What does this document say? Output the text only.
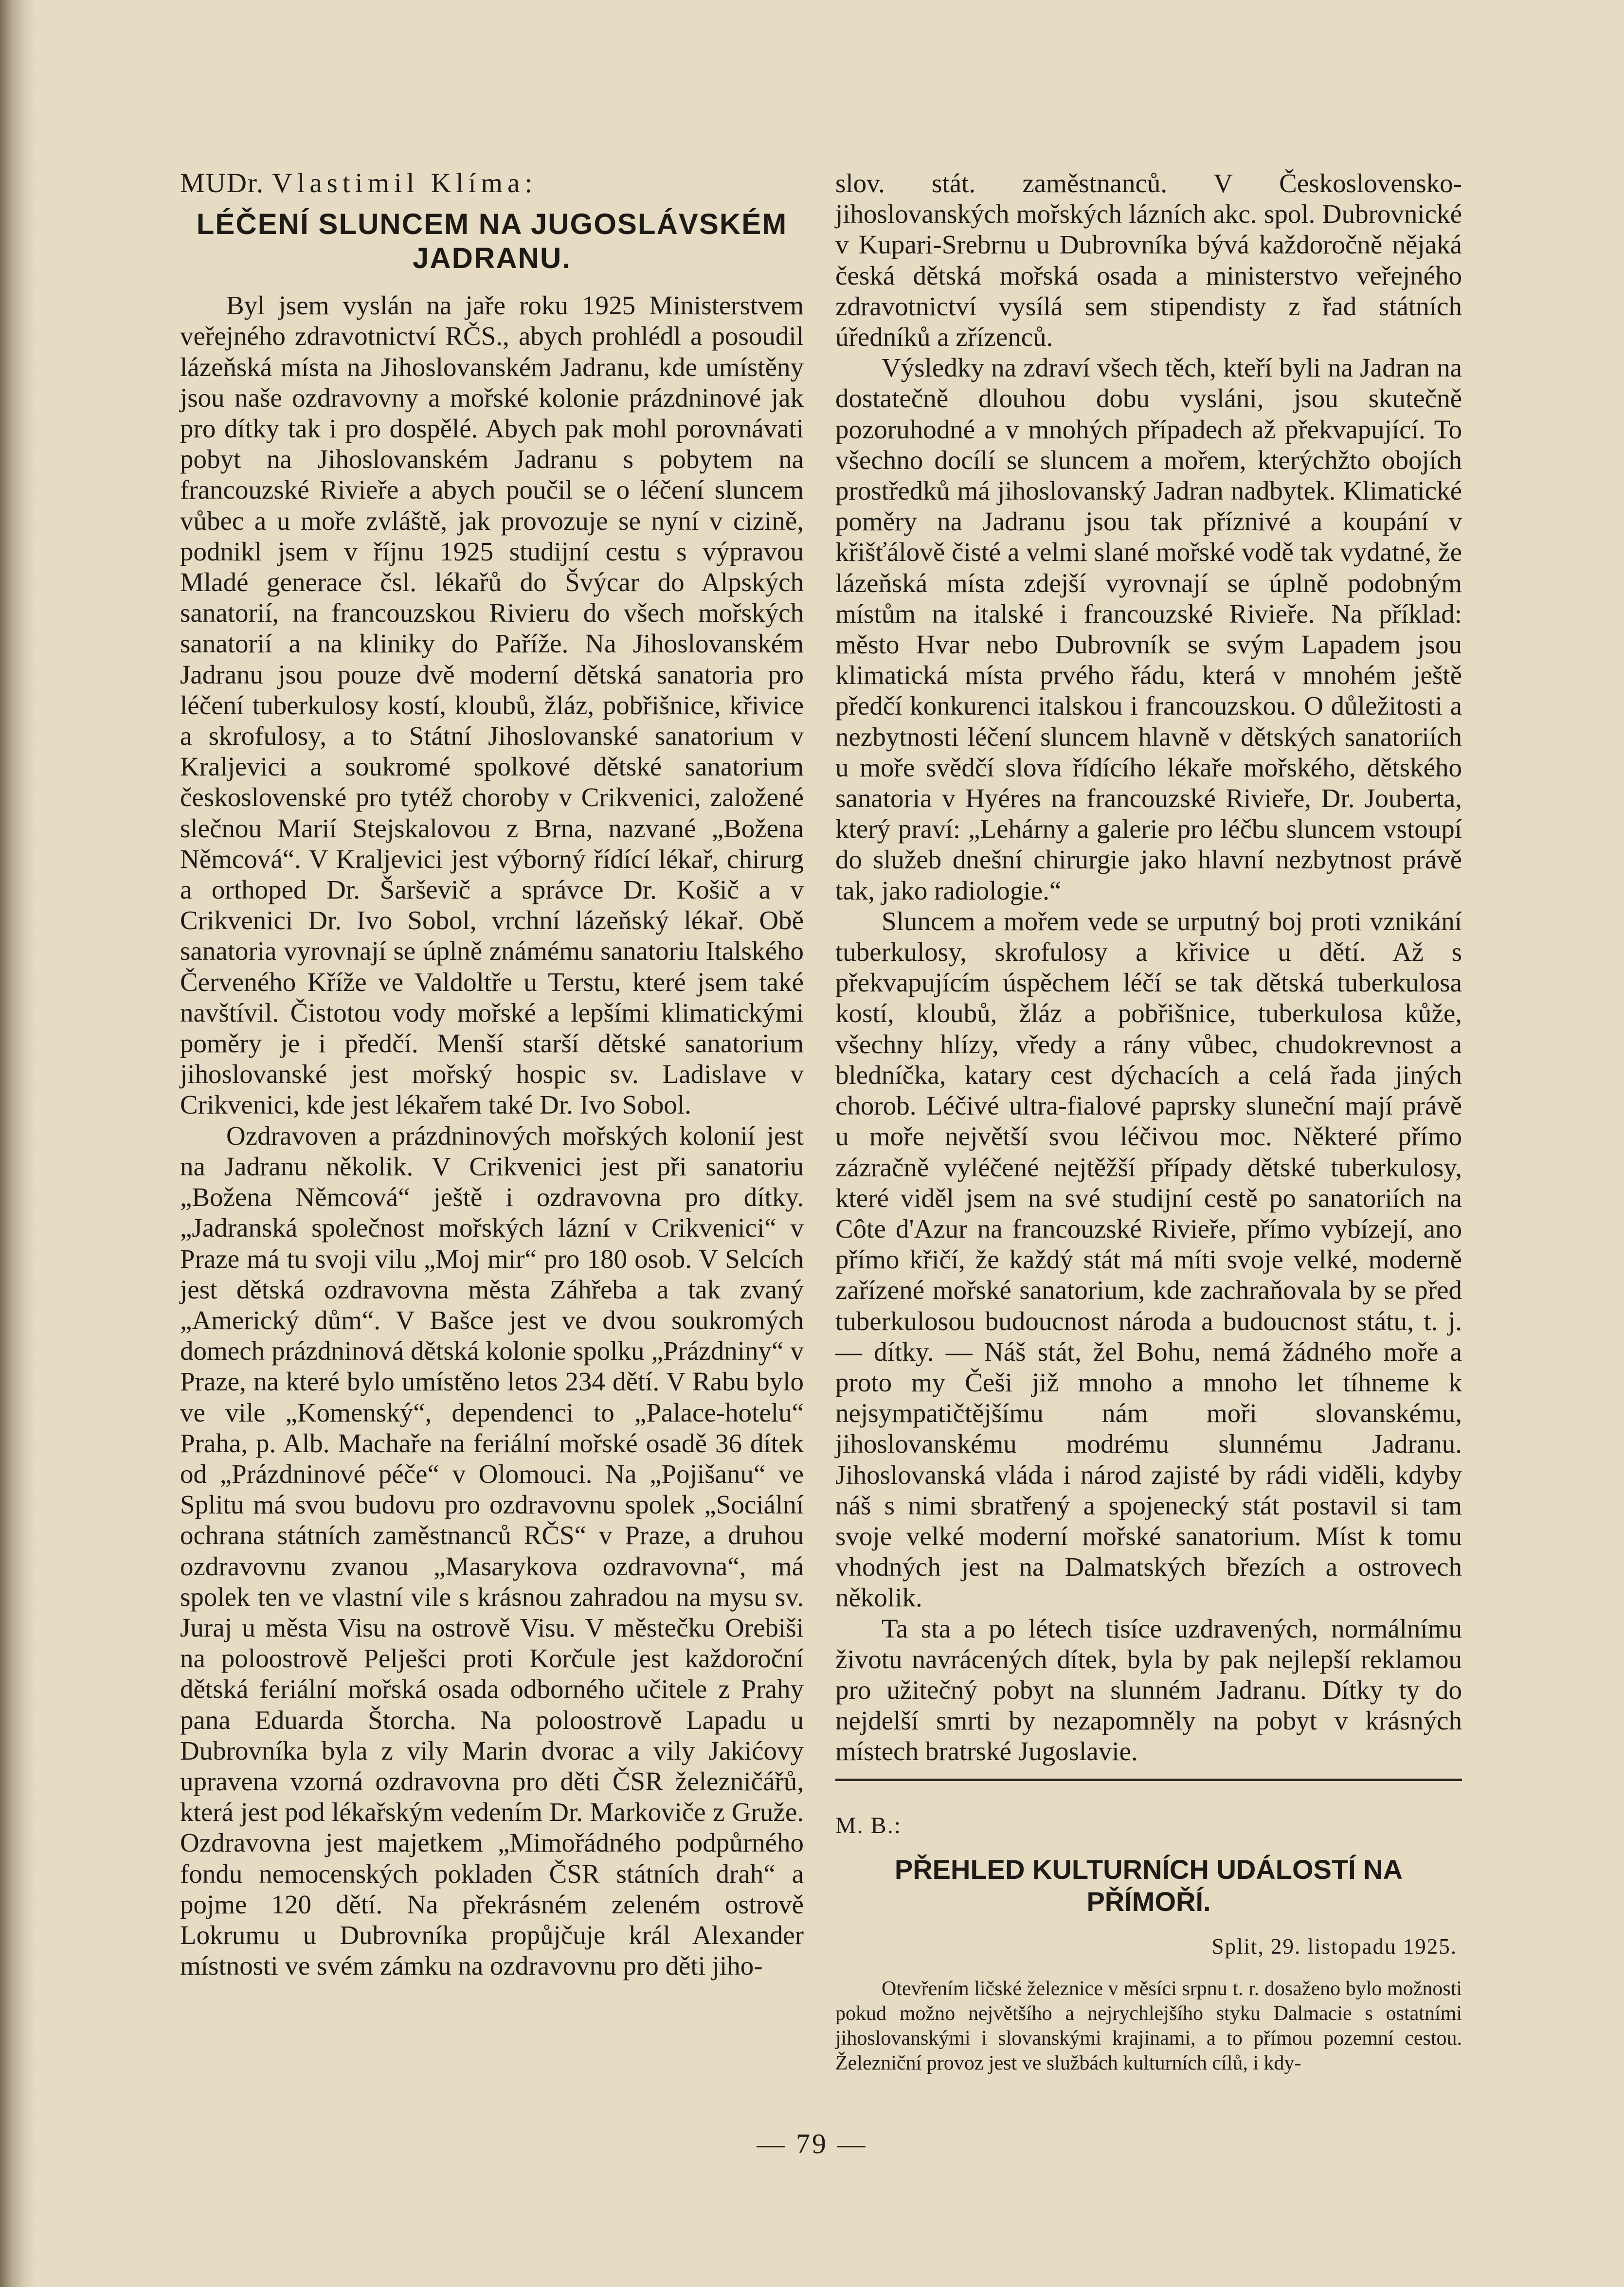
MUDr. Vlastimil Klíma:
LÉČENÍ SLUNCEM NA JUGOSLÁVSKÉM JADRANU.

Byl jsem vyslán na jaře roku 1925 Ministerstvem veřejného zdravotnictví RČS., abych prohlédl a posoudil lázeňská místa na Jihoslovanském Jadranu, kde umístěny jsou naše ozdravovny a mořské kolonie prázdninové jak pro dítky tak i pro dospělé. Abych pak mohl porovnávati pobyt na Jihoslovanském Jadranu s pobytem na francouzské Rivieře a abych poučil se o léčení sluncem vůbec a u moře zvláště, jak provozuje se nyní v cizině, podnikl jsem v říjnu 1925 studijní cestu s výpravou Mladé generace čsl. lékařů do Švýcar do Alpských sanatorií, na francouzskou Rivieru do všech mořských sanatorií a na kliniky do Paříže. Na Jihoslovanském Jadranu jsou pouze dvě moderní dětská sanatoria pro léčení tuberkulosy kostí, kloubů, žláz, pobřišnice, křivice a skrofulosy, a to Státní Jihoslovanské sanatorium v Kraljevici a soukromé spolkové dětské sanatorium československé pro tytéž choroby v Crikvenici, založené slečnou Marií Stejskalovou z Brna, nazvané „Božena Němcová“. V Kraljevici jest výborný řídící lékař, chirurg a orthoped Dr. Šarševič a správce Dr. Košič a v Crikvenici Dr. Ivo Sobol, vrchní lázeňský lékař. Obě sanatoria vyrovnají se úplně známému sanatoriu Italského Červeného Kříže ve Valdoltře u Terstu, které jsem také navštívil. Čistotou vody mořské a lepšími klimatickými poměry je i předčí. Menší starší dětské sanatorium jihoslovanské jest mořský hospic sv. Ladislave v Crikvenici, kde jest lékařem také Dr. Ivo Sobol.

Ozdravoven a prázdninových mořských kolonií jest na Jadranu několik. V Crikvenici jest při sanatoriu „Božena Němcová“ ještě i ozdravovna pro dítky. „Jadranská společnost mořských lázní v Crikvenici“ v Praze má tu svoji vilu „Moj mir“ pro 180 osob. V Selcích jest dětská ozdravovna města Záhřeba a tak zvaný „Americký dům“. V Bašce jest ve dvou soukromých domech prázdninová dětská kolonie spolku „Prázdniny“ v Praze, na které bylo umístěno letos 234 dětí. V Rabu bylo ve vile „Komenský“, dependenci to „Palace-hotelu“ Praha, p. Alb. Machaře na feriální mořské osadě 36 dítek od „Prázdninové péče“ v Olomouci. Na „Pojišanu“ ve Splitu má svou budovu pro ozdravovnu spolek „Sociální ochrana státních zaměstnanců RČS“ v Praze, a druhou ozdravovnu zvanou „Masarykova ozdravovna“, má spolek ten ve vlastní vile s krásnou zahradou na mysu sv. Juraj u města Visu na ostrově Visu. V městečku Orebiši na poloostrově Pelješci proti Korčule jest každoroční dětská feriální mořská osada odborného učitele z Prahy pana Eduarda Štorcha. Na poloostrově Lapadu u Dubrovníka byla z vily Marin dvorac a vily Jakićovy upravena vzorná ozdravovna pro děti ČSR železničářů, která jest pod lékařským vedením Dr. Markoviče z Gruže. Ozdravovna jest majetkem „Mimořádného podpůrného fondu nemocenských pokladen ČSR státních drah“ a pojme 120 dětí. Na překrásném zeleném ostrově Lokrumu u Dubrovníka propůjčuje král Alexander místnosti ve svém zámku na ozdravovnu pro děti jiho-

slov. stát. zaměstnanců. V Československo-jihoslovanských mořských lázních akc. spol. Dubrovnické v Kupari-Srebrnu u Dubrovníka bývá každoročně nějaká česká dětská mořská osada a ministerstvo veřejného zdravotnictví vysílá sem stipendisty z řad státních úředníků a zřízenců.

Výsledky na zdraví všech těch, kteří byli na Jadran na dostatečně dlouhou dobu vysláni, jsou skutečně pozoruhodné a v mnohých případech až překvapující. To všechno docílí se sluncem a mořem, kterýchžto obojích prostředků má jihoslovanský Jadran nadbytek. Klimatické poměry na Jadranu jsou tak příznivé a koupání v křišťálově čisté a velmi slané mořské vodě tak vydatné, že lázeňská místa zdejší vyrovnají se úplně podobným místům na italské i francouzské Rivieře. Na příklad: město Hvar nebo Dubrovník se svým Lapadem jsou klimatická místa prvého řádu, která v mnohém ještě předčí konkurenci italskou i francouzskou. O důležitosti a nezbytnosti léčení sluncem hlavně v dětských sanatoriích u moře svědčí slova řídícího lékaře mořského, dětského sanatoria v Hyéres na francouzské Rivieře, Dr. Jouberta, který praví: „Lehárny a galerie pro léčbu sluncem vstoupí do služeb dnešní chirurgie jako hlavní nezbytnost právě tak, jako radiologie.“

Sluncem a mořem vede se urputný boj proti vznikání tuberkulosy, skrofulosy a křivice u dětí. Až s překvapujícím úspěchem léčí se tak dětská tuberkulosa kostí, kloubů, žláz a pobřišnice, tuberkulosa kůže, všechny hlízy, vředy a rány vůbec, chudokrevnost a bledníčka, katary cest dýchacích a celá řada jiných chorob. Léčivé ultra-fialové paprsky sluneční mají právě u moře největší svou léčivou moc. Některé přímo zázračně vyléčené nejtěžší případy dětské tuberkulosy, které viděl jsem na své studijní cestě po sanatoriích na Côte d'Azur na francouzské Rivieře, přímo vybízejí, ano přímo křičí, že každý stát má míti svoje velké, moderně zařízené mořské sanatorium, kde zachraňovala by se před tuberkulosou budoucnost národa a budoucnost státu, t. j. — dítky. — Náš stát, žel Bohu, nemá žádného moře a proto my Češi již mnoho a mnoho let tíhneme k nejsympatičtějšímu nám moři slovanskému, jihoslovanskému modrému slunnému Jadranu. Jihoslovanská vláda i národ zajisté by rádi viděli, kdyby náš s nimi sbratřený a spojenecký stát postavil si tam svoje velké moderní mořské sanatorium. Míst k tomu vhodných jest na Dalmatských březích a ostrovech několik.

Ta sta a po létech tisíce uzdravených, normálnímu životu navrácených dítek, byla by pak nejlepší reklamou pro užitečný pobyt na slunném Jadranu. Dítky ty do nejdelší smrti by nezapomněly na pobyt v krásných místech bratrské Jugoslavie.

M. B.:
PŘEHLED KULTURNÍCH UDÁLOSTÍ NA PŘÍMOŘÍ.
Split, 29. listopadu 1925.

Otevřením ličské železnice v měsíci srpnu t. r. dosaženo bylo možnosti pokud možno největšího a nejrychlejšího styku Dalmacie s ostatními jihoslovanskými i slovanskými krajinami, a to přímou pozemní cestou. Železniční provoz jest ve službách kulturních cílů, i kdy-

— 79 —
